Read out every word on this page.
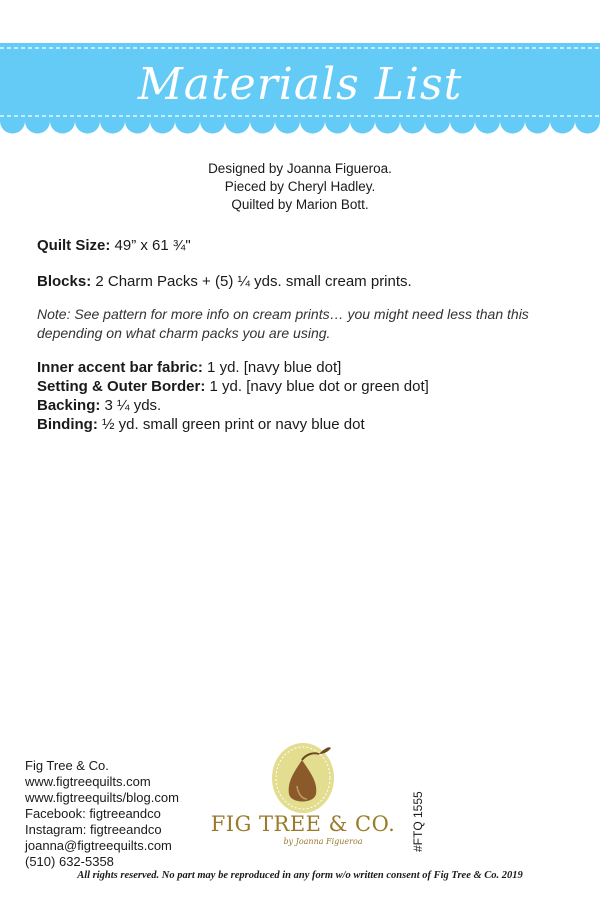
Materials List
Designed by Joanna Figueroa.
Pieced by Cheryl Hadley.
Quilted by Marion Bott.
Quilt Size: 49” x 61 ¾"
Blocks: 2 Charm Packs + (5) ¼ yds. small cream prints.
Note: See pattern for more info on cream prints… you might need less than this depending on what charm packs you are using.
Inner accent bar fabric: 1 yd. [navy blue dot]
Setting & Outer Border: 1 yd. [navy blue dot or green dot]
Backing: 3 ¼ yds.
Binding: ½ yd. small green print or navy blue dot
Fig Tree & Co.
www.figtreequilts.com
www.figtreequilts/blog.com
Facebook: figtreeandco
Instagram: figtreeandco
joanna@figtreequilts.com
(510) 632-5358
FIG TREE & CO.
by Joanna Figueroa	#FTQ 1555
All rights reserved. No part may be reproduced in any form w/o written consent of Fig Tree & Co. 2019
